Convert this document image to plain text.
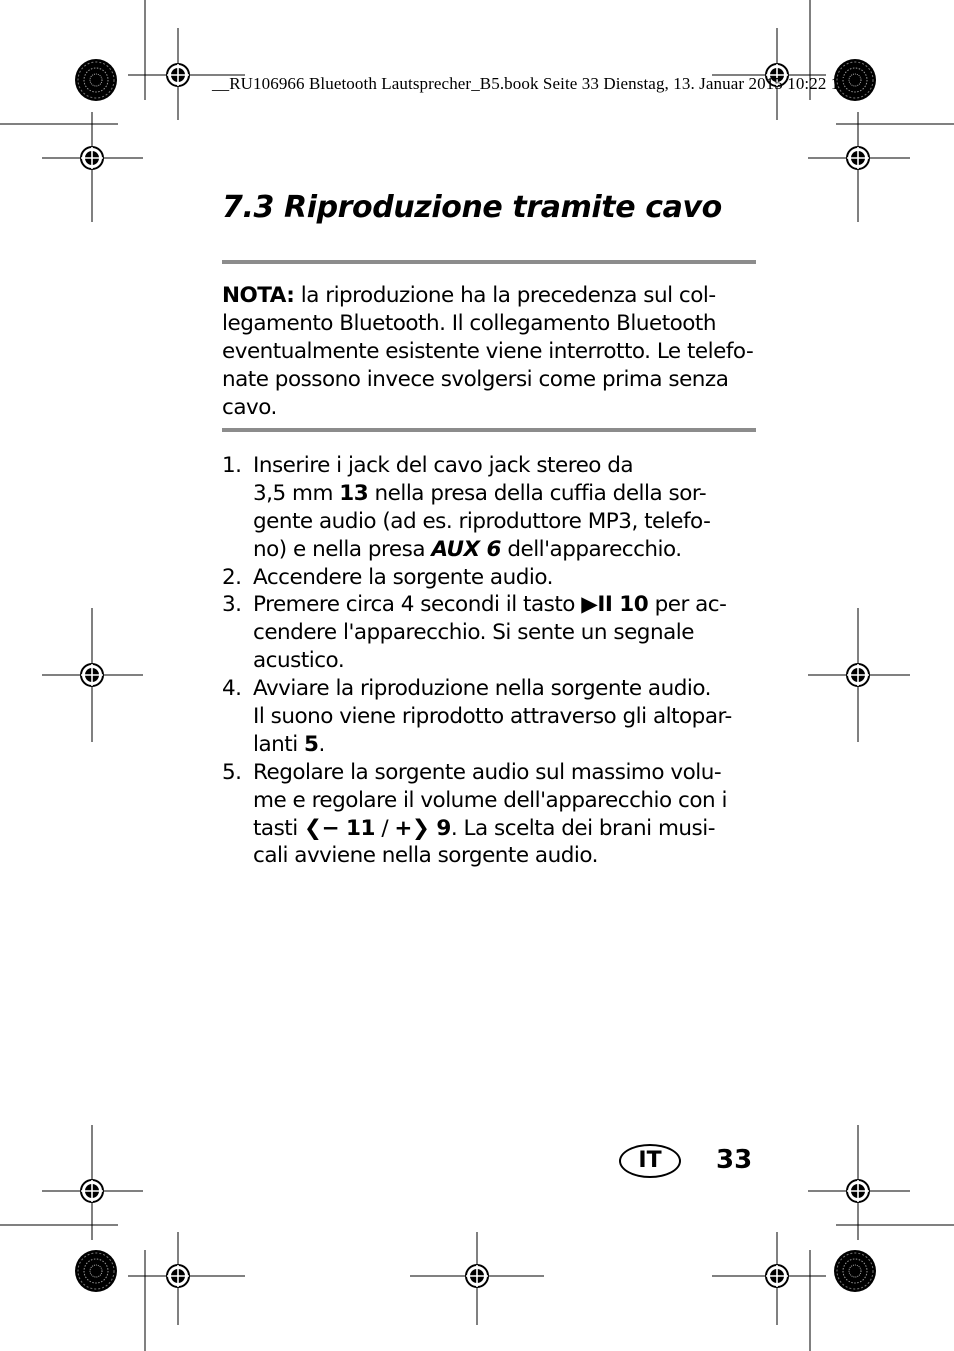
__RU106966 Bluetooth Lautsprecher_B5.book Seite 33 Dienstag, 13. Januar 2015 10:22 15
7.3 Riproduzione tramite cavo
NOTA: la riproduzione ha la precedenza sul col-
legamento Bluetooth. Il collegamento Bluetooth
eventualmente esistente viene interrotto. Le telefo-
nate possono invece svolgersi come prima senza
cavo.
1. Inserire i jack del cavo jack stereo da
3,5 mm 13 nella presa della cuffia della sor-
gente audio (ad es. riproduttore MP3, telefo-
no) e nella presa AUX 6 dell'apparecchio.
2. Accendere la sorgente audio.
3. Premere circa 4 secondi il tasto ▶II 10 per ac-
cendere l'apparecchio. Si sente un segnale
acustico.
4. Avviare la riproduzione nella sorgente audio.
Il suono viene riprodotto attraverso gli altopar-
lanti 5.
5. Regolare la sorgente audio sul massimo volu-
me e regolare il volume dell'apparecchio con i
tasti ❮− 11 / +❯ 9. La scelta dei brani musi-
cali avviene nella sorgente audio.
IT	33
